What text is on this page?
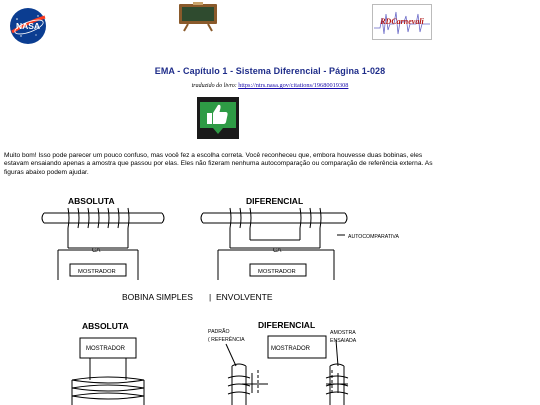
NASA	RDCarnevali
EMA - Capítulo 1 - Sistema Diferencial - Página 1-028
traduzido do livro: https://ntrs.nasa.gov/citations/19680019308
Muito bom! Isso pode parecer um pouco confuso, mas você fez a escolha correta. Você reconheceu que, embora houvesse duas bobinas, eles estavam ensaiando apenas a amostra que passou por elas. Eles não fizeram nenhuma autocomparação ou comparação de referência externa. As figuras abaixo podem ajudar.
ABSOLUTA
CA
MOSTRADOR
DIFERENCIAL
CA
MOSTRADOR
AUTOCOMPARATIVA
BOBINA SIMPLES | ENVOLVENTE
ABSOLUTA
MOSTRADOR
DIFERENCIAL
MOSTRADOR
PADRÃO
( REFERÊNCIA
AMOSTRA
ENSAIADA
